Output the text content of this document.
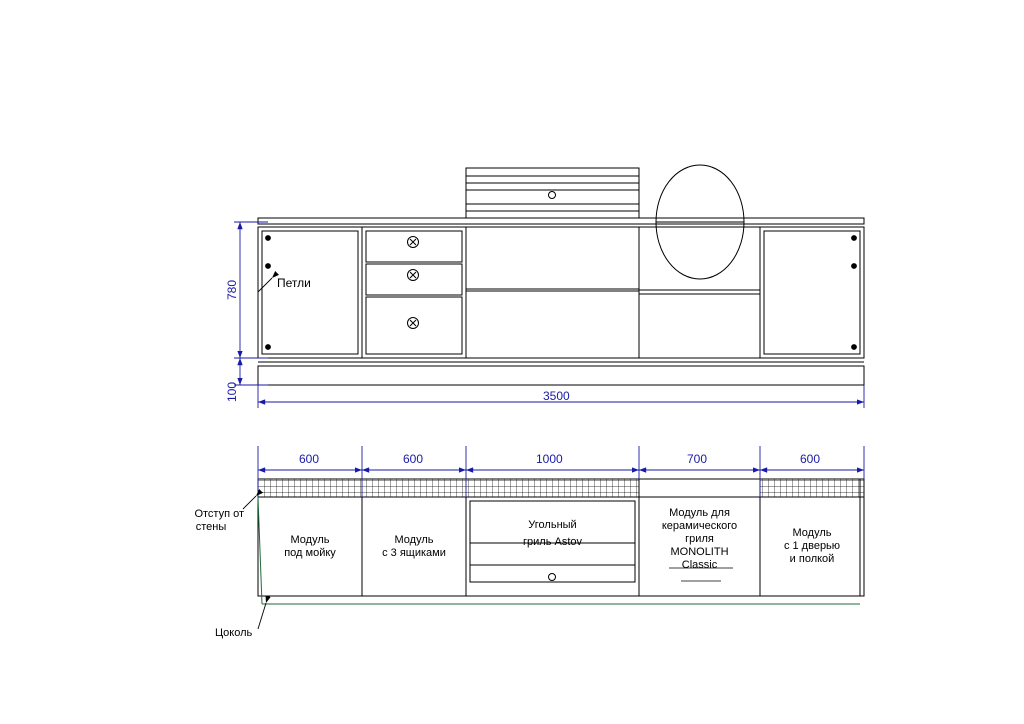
780
100	3500
Петли
600	600	1000	700	600
Модуль
под мойку
Модуль
с 3 ящиками
Угольный
гриль Astov
Модуль для
керамического
гриля
MONOLITH
Classic
Модуль
с 1 дверью
и полкой
Отступ от
стены
Цоколь
